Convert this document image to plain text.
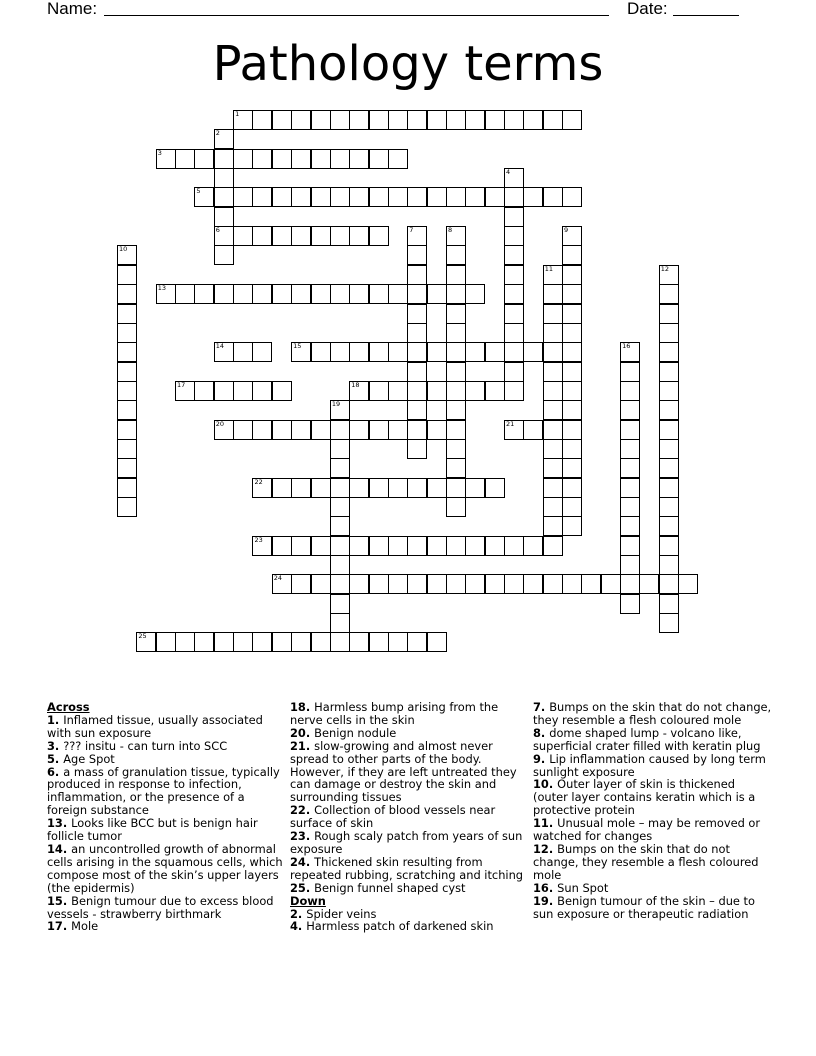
Name:	Date:
Pathology terms
1
2
6
3
4
5
7	8	9
10
11	12
13
14	15	16
17	18
19
20	21
22
23
24
25
Across
1. Inflamed tissue, usually associated with sun exposure
3. ??? insitu - can turn into SCC
5. Age Spot
6. a mass of granulation tissue, typically produced in response to infection, inflammation, or the presence of a foreign substance
13. Looks like BCC but is benign hair follicle tumor
14. an uncontrolled growth of abnormal cells arising in the squamous cells, which compose most of the skin’s upper layers (the epidermis)
15. Benign tumour due to excess blood vessels - strawberry birthmark
17. Mole
18. Harmless bump arising from the nerve cells in the skin
20. Benign nodule
21. slow-growing and almost never spread to other parts of the body. However, if they are left untreated they can damage or destroy the skin and surrounding tissues
22. Collection of blood vessels near surface of skin
23. Rough scaly patch from years of sun exposure
24. Thickened skin resulting from repeated rubbing, scratching and itching
25. Benign funnel shaped cyst
Down
2. Spider veins
4. Harmless patch of darkened skin
7. Bumps on the skin that do not change, they resemble a flesh coloured mole
8. dome shaped lump - volcano like, superficial crater filled with keratin plug
9. Lip inflammation caused by long term sunlight exposure
10. Outer layer of skin is thickened (outer layer contains keratin which is a protective protein
11. Unusual mole – may be removed or watched for changes
12. Bumps on the skin that do not change, they resemble a flesh coloured mole
16. Sun Spot
19. Benign tumour of the skin – due to sun exposure or therapeutic radiation
